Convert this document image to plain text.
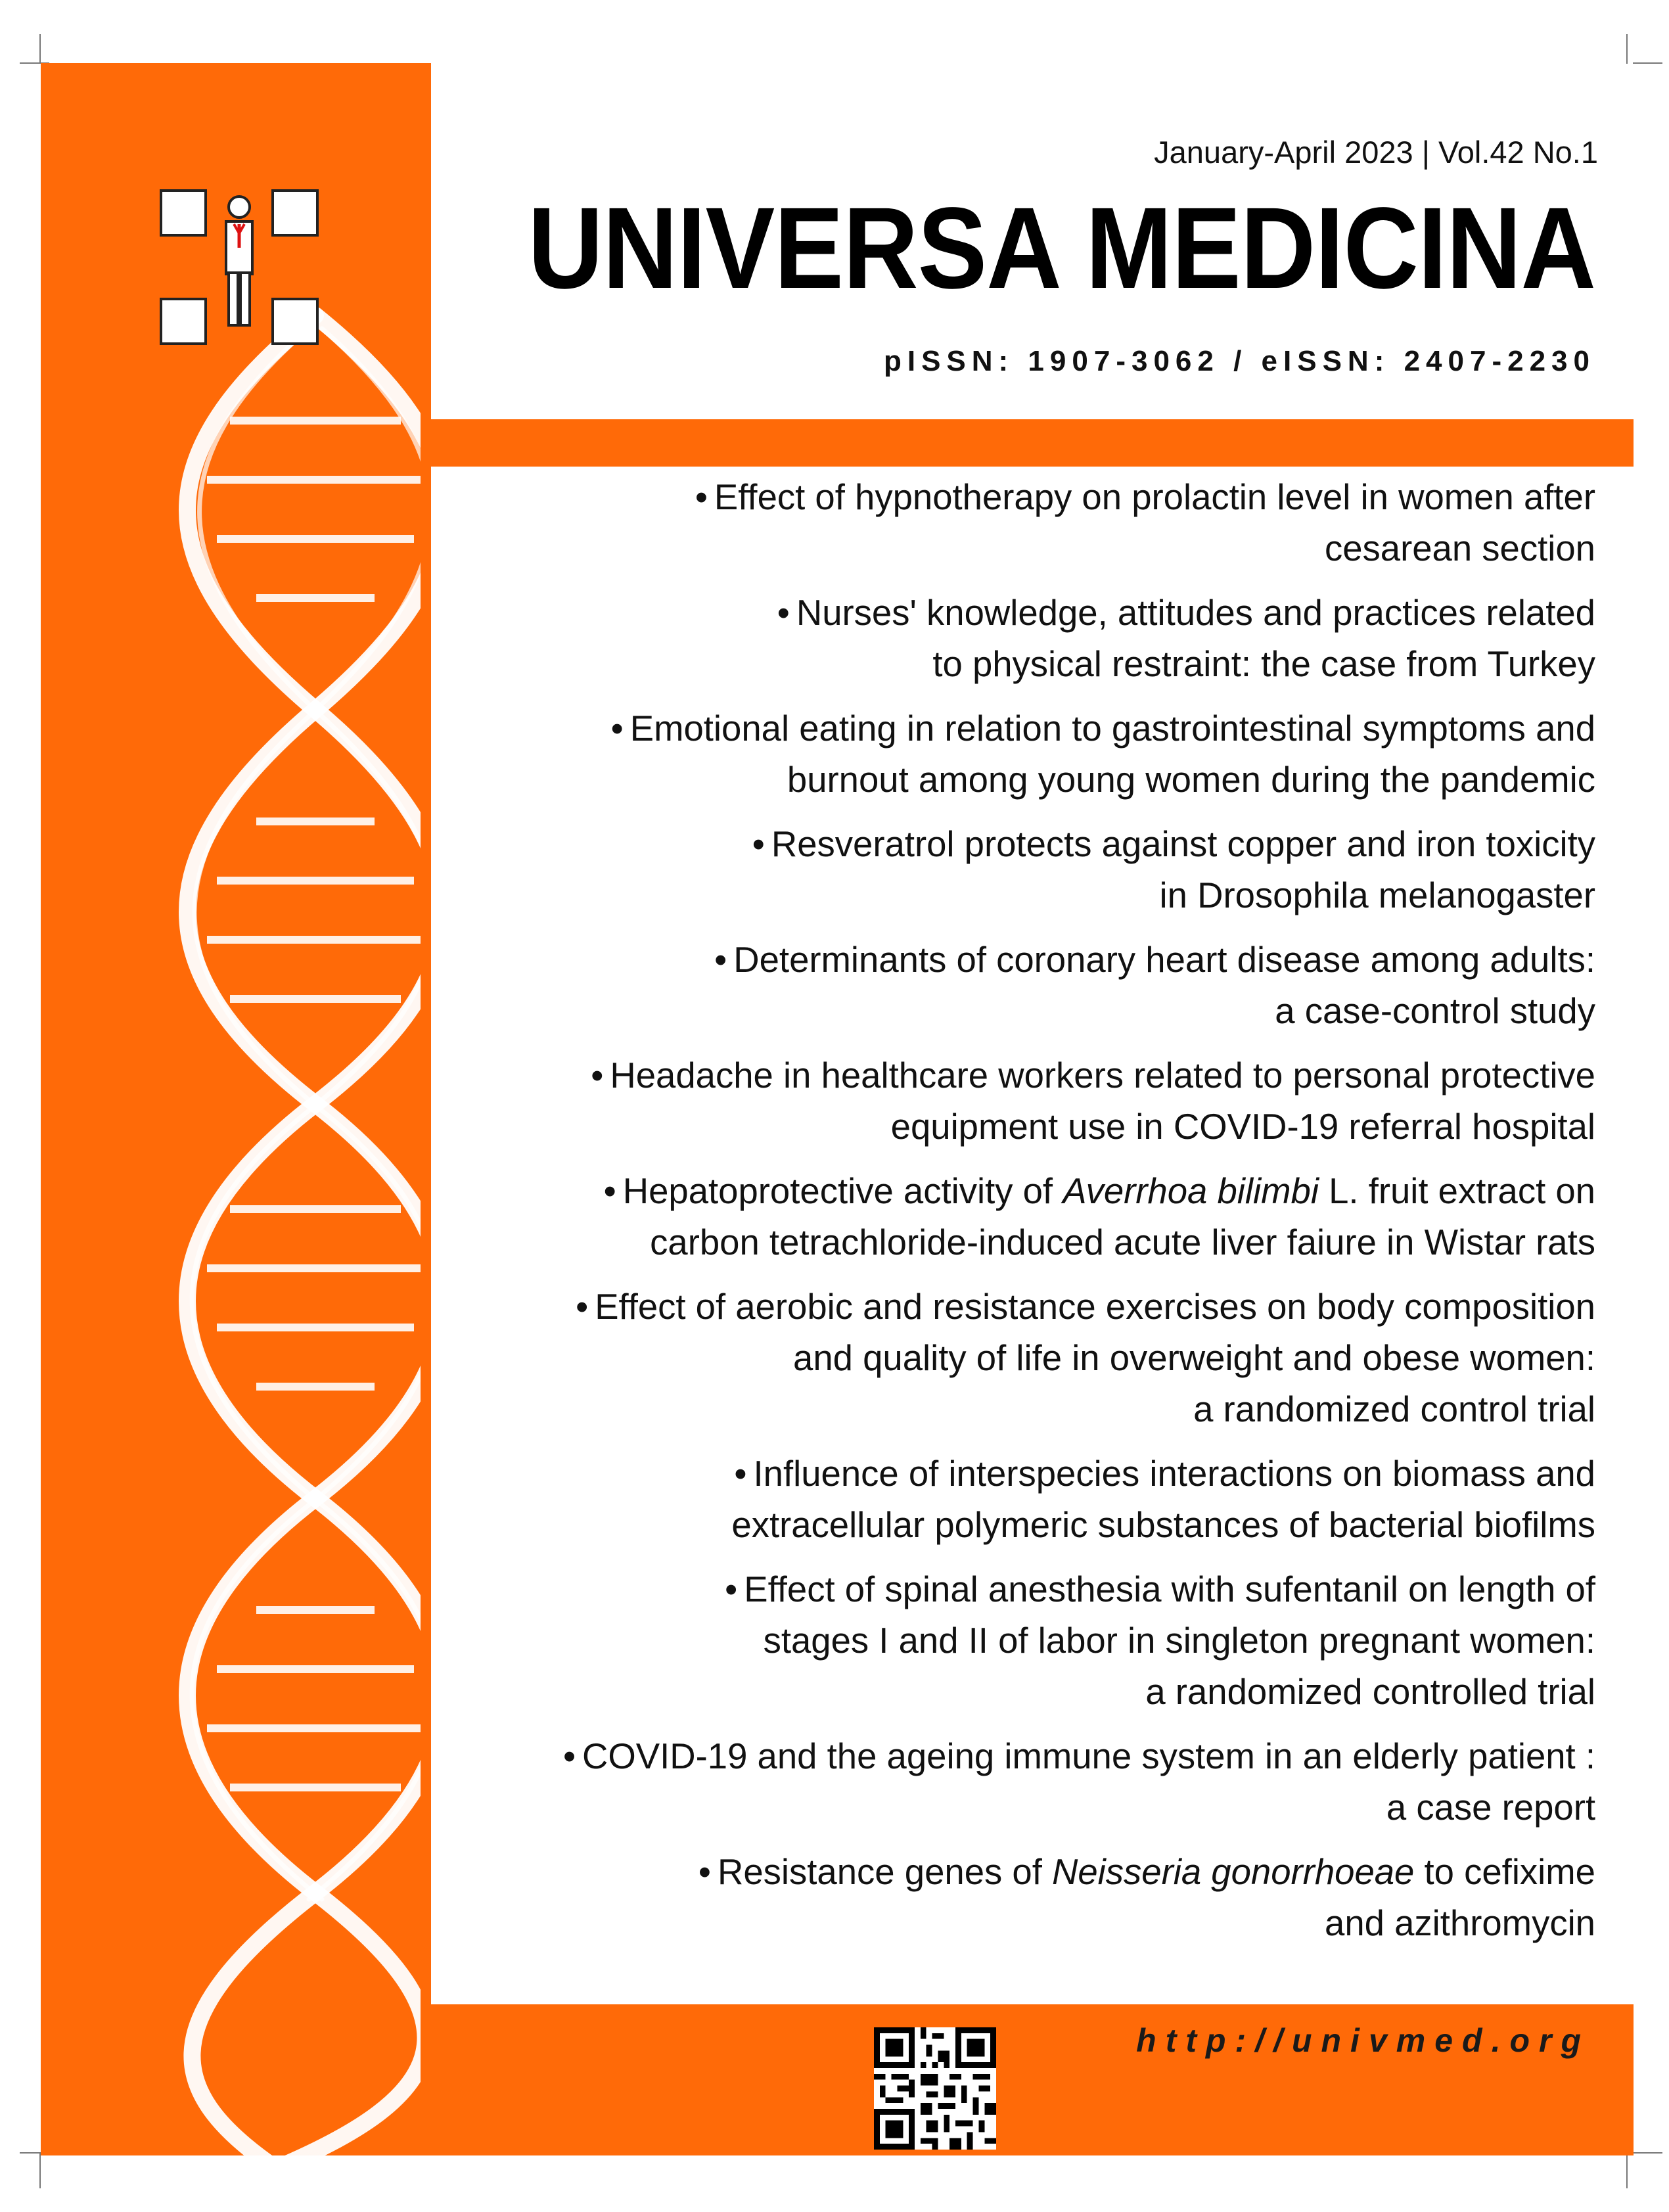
January-April 2023 | Vol.42 No.1
UNIVERSA MEDICINA
pISSN: 1907-3062 / eISSN: 2407-2230
• Effect of hypnotherapy on prolactin level in women after
cesarean section
• Nurses' knowledge, attitudes and practices related
to physical restraint: the case from Turkey
• Emotional eating in relation to gastrointestinal symptoms and
burnout among young women during the pandemic
• Resveratrol protects against copper and iron toxicity
in Drosophila melanogaster
• Determinants of coronary heart disease among adults:
a case-control study
• Headache in healthcare workers related to personal protective
equipment use in COVID-19 referral hospital
• Hepatoprotective activity of Averrhoa bilimbi L. fruit extract on
carbon tetrachloride-induced acute liver faiure in Wistar rats
• Effect of aerobic and resistance exercises on body composition
and quality of life in overweight and obese women:
a randomized control trial
• Influence of interspecies interactions on biomass and
extracellular polymeric substances of bacterial biofilms
• Effect of spinal anesthesia with sufentanil on length of
stages I and II of labor in singleton pregnant women:
a randomized controlled trial
• COVID-19 and the ageing immune system in an elderly patient :
a case report
• Resistance genes of Neisseria gonorrhoeae to cefixime
and azithromycin
http://univmed.org
